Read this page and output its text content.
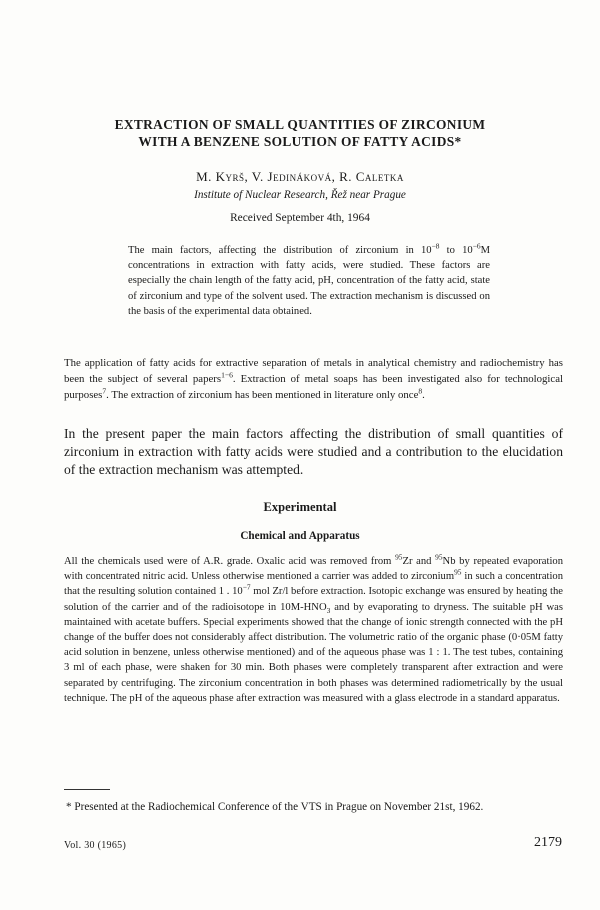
EXTRACTION OF SMALL QUANTITIES OF ZIRCONIUM
WITH A BENZENE SOLUTION OF FATTY ACIDS*

M. Kyrš, V. Jedináková, R. Caletka

Institute of Nuclear Research, Řež near Prague

Received September 4th, 1964

The main factors, affecting the distribution of zirconium in $10^{-8}$ to $10^{-6}M$ concentrations in extraction with fatty acids, were studied. These factors are especially the chain length of the fatty acid, pH, concentration of the fatty acid, state of zirconium and type of the solvent used. The extraction mechanism is discussed on the basis of the experimental data obtained.

The application of fatty acids for extractive separation of metals in analytical chemistry and radiochemistry has been the subject of several papers$^{1-6}$. Extraction of metal soaps has been investigated also for technological purposes$^7$. The extraction of zirconium has been mentioned in literature only once$^8$.

In the present paper the main factors affecting the distribution of small quantities of zirconium in extraction with fatty acids were studied and a contribution to the elucidation of the extraction mechanism was attempted.

Experimental
Chemical and Apparatus

All the chemicals used were of A.R. grade. Oxalic acid was removed from $^{95}$Zr and $^{95}$Nb by repeated evaporation with concentrated nitric acid. Unless otherwise mentioned a carrier was added to zirconium$^{95}$ in such a concentration that the resulting solution contained 1 . $10^{-7}$ mol Zr/l before extraction. Isotopic exchange was ensured by heating the solution of the carrier and of the radioisotope in $10M-HNO_3$ and by evaporating to dryness. The suitable pH was maintained with acetate buffers. Special experiments showed that the change of ionic strength connected with the pH change of the buffer does not considerably affect distribution. The volumetric ratio of the organic phase (0·05M fatty acid solution in benzene, unless otherwise mentioned) and of the aqueous phase was 1 : 1. The test tubes, containing 3 ml of each phase, were shaken for 30 min. Both phases were completely transparent after extraction and were separated by centrifuging. The zirconium concentration in both phases was determined radiometrically by the usual technique. The pH of the aqueous phase after extraction was measured with a glass electrode in a standard apparatus.

* Presented at the Radiochemical Conference of the VTS in Prague on November 21st, 1962.

Vol. 30 (1965)	2179
